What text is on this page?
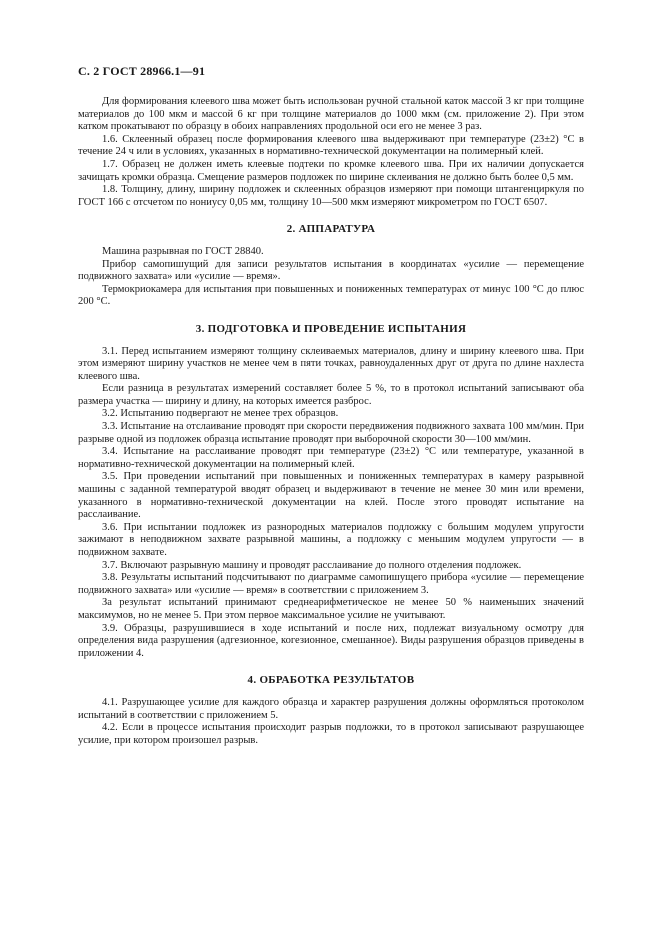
С. 2 ГОСТ 28966.1—91

Для формирования клеевого шва может быть использован ручной стальной каток массой 3 кг при толщине материалов до 100 мкм и массой 6 кг при толщине материалов до 1000 мкм (см. приложение 2). При этом катком прокатывают по образцу в обоих направлениях продольной оси его не менее 3 раз.

1.6. Склеенный образец после формирования клеевого шва выдерживают при температуре (23±2) °С в течение 24 ч или в условиях, указанных в нормативно-технической документации на полимерный клей.

1.7. Образец не должен иметь клеевые подтеки по кромке клеевого шва. При их наличии допускается зачищать кромки образца. Смещение размеров подложек по ширине склеивания не должно быть более 0,5 мм.

1.8. Толщину, длину, ширину подложек и склеенных образцов измеряют при помощи штангенциркуля по ГОСТ 166 с отсчетом по нониусу 0,05 мм, толщину 10—500 мкм измеряют микрометром по ГОСТ 6507.

2. АППАРАТУРА

Машина разрывная по ГОСТ 28840.

Прибор самопишущий для записи результатов испытания в координатах «усилие — перемещение подвижного захвата» или «усилие — время».

Термокриокамера для испытания при повышенных и пониженных температурах от минус 100 °С до плюс 200 °С.

3. ПОДГОТОВКА И ПРОВЕДЕНИЕ ИСПЫТАНИЯ

3.1. Перед испытанием измеряют толщину склеиваемых материалов, длину и ширину клеевого шва. При этом измеряют ширину участков не менее чем в пяти точках, равноудаленных друг от друга по длине нахлеста клеевого шва.

Если разница в результатах измерений составляет более 5 %, то в протокол испытаний записывают оба размера участка — ширину и длину, на которых имеется разброс.

3.2. Испытанию подвергают не менее трех образцов.

3.3. Испытание на отслаивание проводят при скорости передвижения подвижного захвата 100 мм/мин. При разрыве одной из подложек образца испытание проводят при выборочной скорости 30—100 мм/мин.

3.4. Испытание на расслаивание проводят при температуре (23±2) °С или температуре, указанной в нормативно-технической документации на полимерный клей.

3.5. При проведении испытаний при повышенных и пониженных температурах в камеру разрывной машины с заданной температурой вводят образец и выдерживают в течение не менее 30 мин или времени, указанного в нормативно-технической документации на клей. После этого проводят испытание на расслаивание.

3.6. При испытании подложек из разнородных материалов подложку с большим модулем упругости зажимают в неподвижном захвате разрывной машины, а подложку с меньшим модулем упругости — в подвижном захвате.

3.7. Включают разрывную машину и проводят расслаивание до полного отделения подложек.

3.8. Результаты испытаний подсчитывают по диаграмме самопишущего прибора «усилие — перемещение подвижного захвата» или «усилие — время» в соответствии с приложением 3.

За результат испытаний принимают среднеарифметическое не менее 50 % наименьших значений максимумов, но не менее 5. При этом первое максимальное усилие не учитывают.

3.9. Образцы, разрушившиеся в ходе испытаний и после них, подлежат визуальному осмотру для определения вида разрушения (адгезионное, когезионное, смешанное). Виды разрушения образцов приведены в приложении 4.

4. ОБРАБОТКА РЕЗУЛЬТАТОВ

4.1. Разрушающее усилие для каждого образца и характер разрушения должны оформляться протоколом испытаний в соответствии с приложением 5.

4.2. Если в процессе испытания происходит разрыв подложки, то в протокол записывают разрушающее усилие, при котором произошел разрыв.
